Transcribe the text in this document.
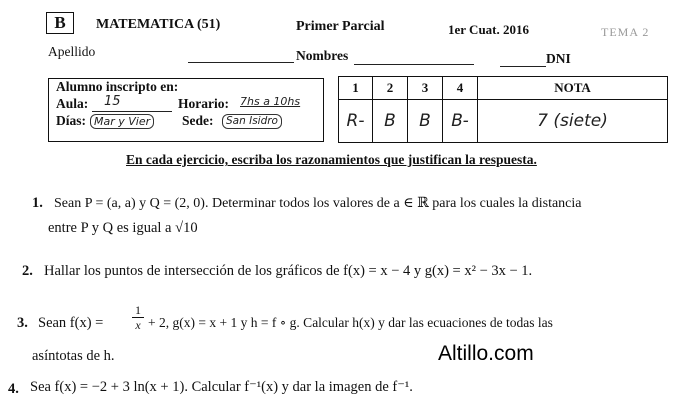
B	MATEMATICA (51)	Primer Parcial	1er Cuat. 2016	TEMA 2
Apellido	Nombres	DNI
Alumno inscripto en:
Aula: 15	Horario: 7hs a 10hs
Días: Mar y Vier Sede:	San Isidro
1	2	3	4	NOTA
R-	B	B	B-	7 (siete)
En cada ejercicio, escriba los razonamientos que justifican la respuesta.
1. Sean P = (a, a) y Q = (2, 0). Determinar todos los valores de a ∈ ℝ para los cuales la distancia
entre P y Q es igual a √10
2. Hallar los puntos de intersección de los gráficos de f(x) = x − 4 y g(x) = x² − 3x − 1.
3. Sean $f(x) = \frac{1}{x} + 2$, g(x) = x + 1 y h = f ∘ g. Calcular h(x) y dar las ecuaciones de todas las
asíntotas de h.	Altillo.com
4. Sea f(x) = −2 + 3 ln(x + 1). Calcular f⁻¹(x) y dar la imagen de f⁻¹.
